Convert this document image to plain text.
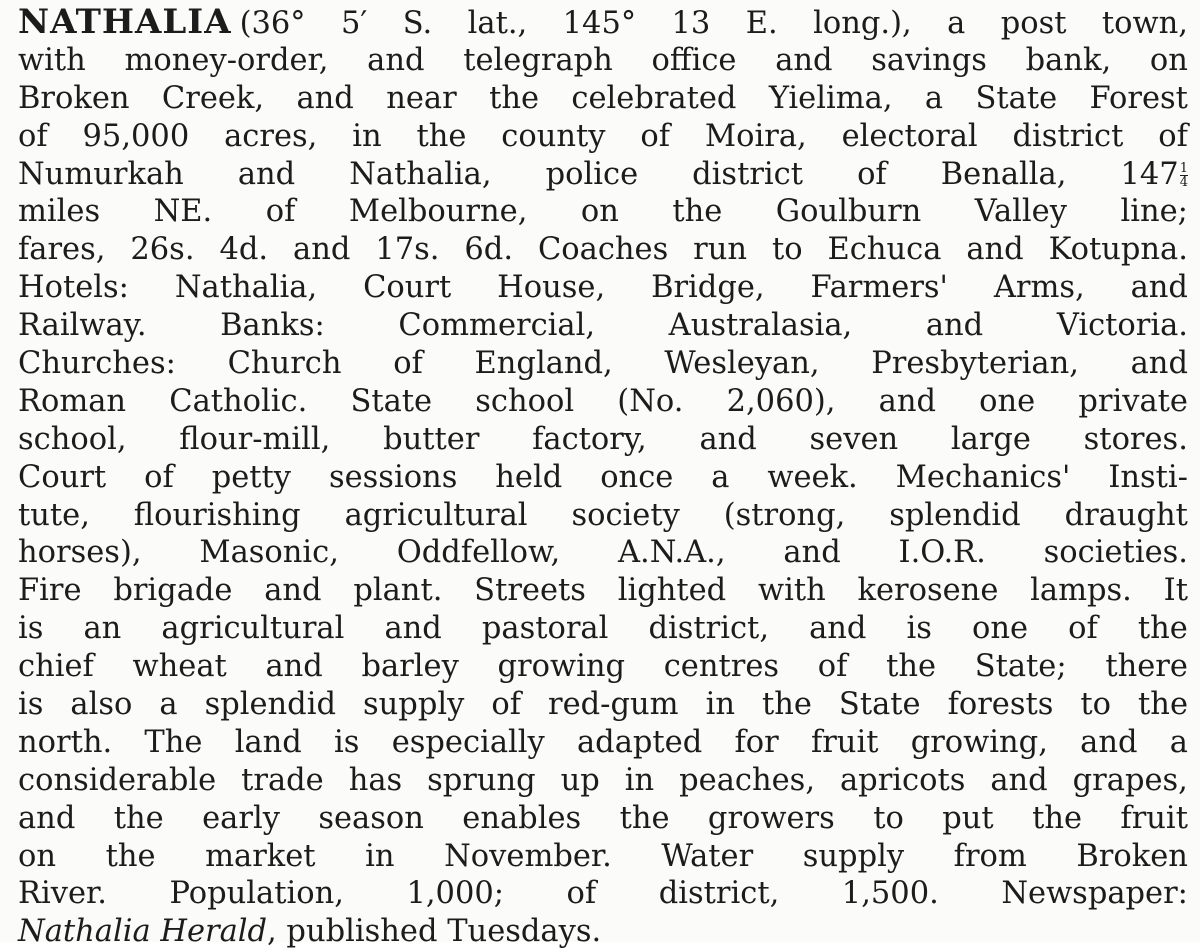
NATHALIA (36° 5′ S. lat., 145° 13 E. long.), a post town,
with money-order, and telegraph office and savings bank, on
Broken Creek, and near the celebrated Yielima, a State Forest
of 95,000 acres, in the county of Moira, electoral district of
Numurkah and Nathalia, police district of Benalla, $147 \frac{1}{4}$
miles NE. of Melbourne, on the Goulburn Valley line;
fares, 26s. 4d. and 17s. 6d. Coaches run to Echuca and Kotupna.
Hotels: Nathalia, Court House, Bridge, Farmers' Arms, and
Railway. Banks: Commercial, Australasia, and Victoria.
Churches: Church of England, Wesleyan, Presbyterian, and
Roman Catholic. State school (No. 2,060), and one private
school, flour-mill, butter factory, and seven large stores.
Court of petty sessions held once a week. Mechanics' Insti-
tute, flourishing agricultural society (strong, splendid draught
horses), Masonic, Oddfellow, A.N.A., and I.O.R. societies.
Fire brigade and plant. Streets lighted with kerosene lamps. It
is an agricultural and pastoral district, and is one of the
chief wheat and barley growing centres of the State; there
is also a splendid supply of red-gum in the State forests to the
north. The land is especially adapted for fruit growing, and a
considerable trade has sprung up in peaches, apricots and grapes,
and the early season enables the growers to put the fruit
on the market in November. Water supply from Broken
River. Population, 1,000; of district, 1,500. Newspaper:
Nathalia Herald , published Tuesdays.
